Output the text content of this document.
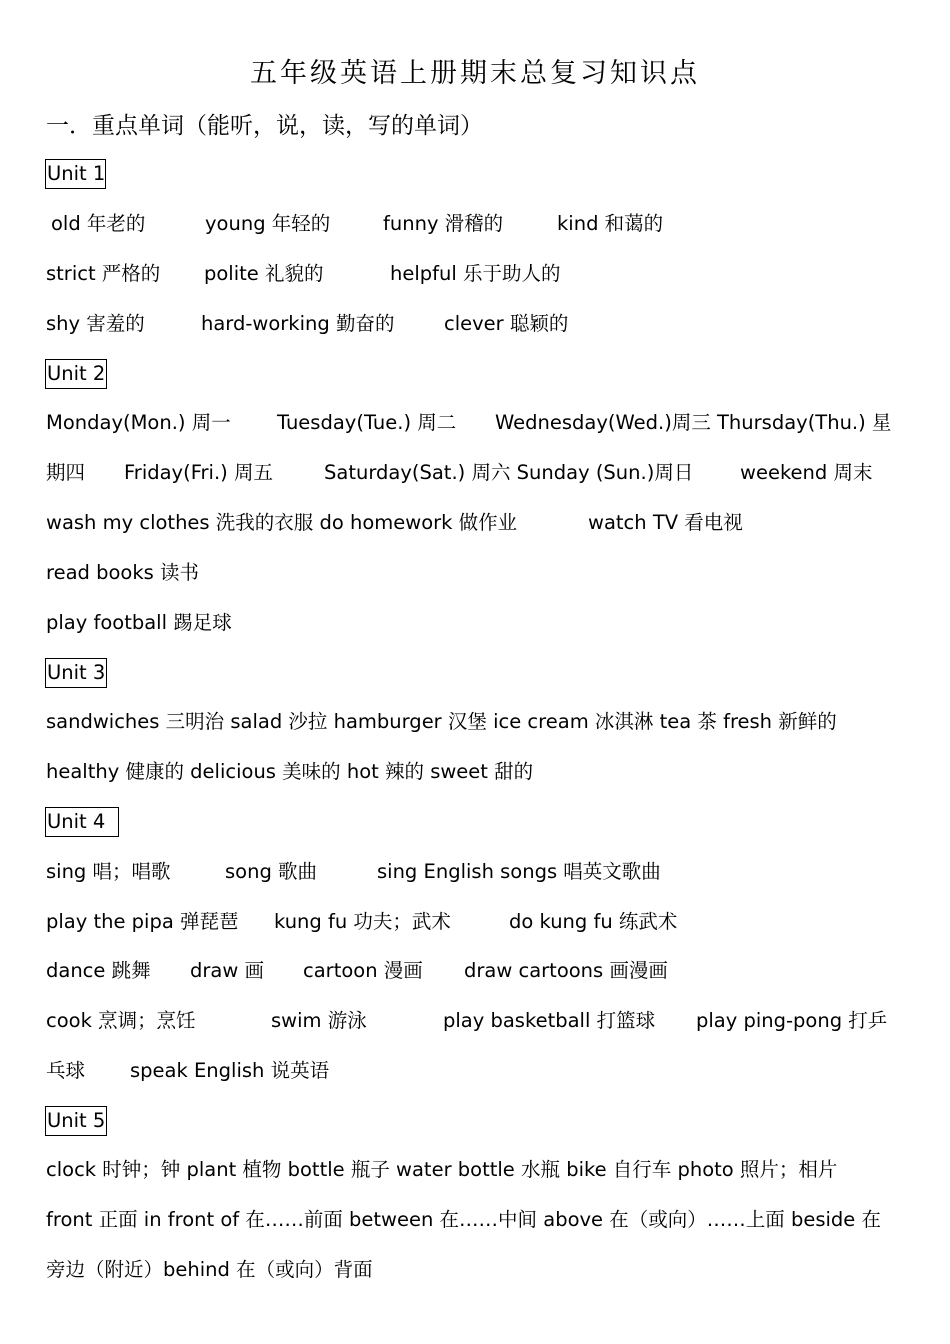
五年级英语上册期末总复习知识点
一．重点单词（能听，说，读，写的单词）
Unit 1
old 年老的	young 年轻的	funny 滑稽的	kind 和蔼的
strict 严格的 polite 礼貌的	helpful 乐于助人的
shy 害羞的	hard-working 勤奋的	clever 聪颖的
Unit 2
Monday(Mon.) 周一 Tuesday(Tue.) 周二 Wednesday(Wed.)周三 Thursday(Thu.) 星
期四 Friday(Fri.) 周五	Saturday(Sat.) 周六 Sunday (Sun.)周日 weekend 周末
wash my clothes 洗我的衣服 do homework 做作业	watch TV 看电视
read books 读书
play football 踢足球
Unit 3
sandwiches 三明治 salad 沙拉 hamburger 汉堡 ice cream 冰淇淋 tea 茶 fresh 新鲜的
healthy 健康的 delicious 美味的 hot 辣的 sweet 甜的
Unit 4
sing 唱；唱歌	song 歌曲	sing English songs 唱英文歌曲
play the pipa 弹琵琶 kung fu 功夫；武术	do kung fu 练武术
dance 跳舞 draw 画 cartoon 漫画 draw cartoons 画漫画
cook 烹调；烹饪	swim 游泳	play basketball 打篮球 play ping-pong 打乒
乓球 speak English 说英语
Unit 5
clock 时钟；钟 plant 植物 bottle 瓶子 water bottle 水瓶 bike 自行车 photo 照片；相片
front 正面 in front of 在……前面 between 在……中间 above 在（或向）……上面 beside 在
旁边（附近）behind 在（或向）背面
